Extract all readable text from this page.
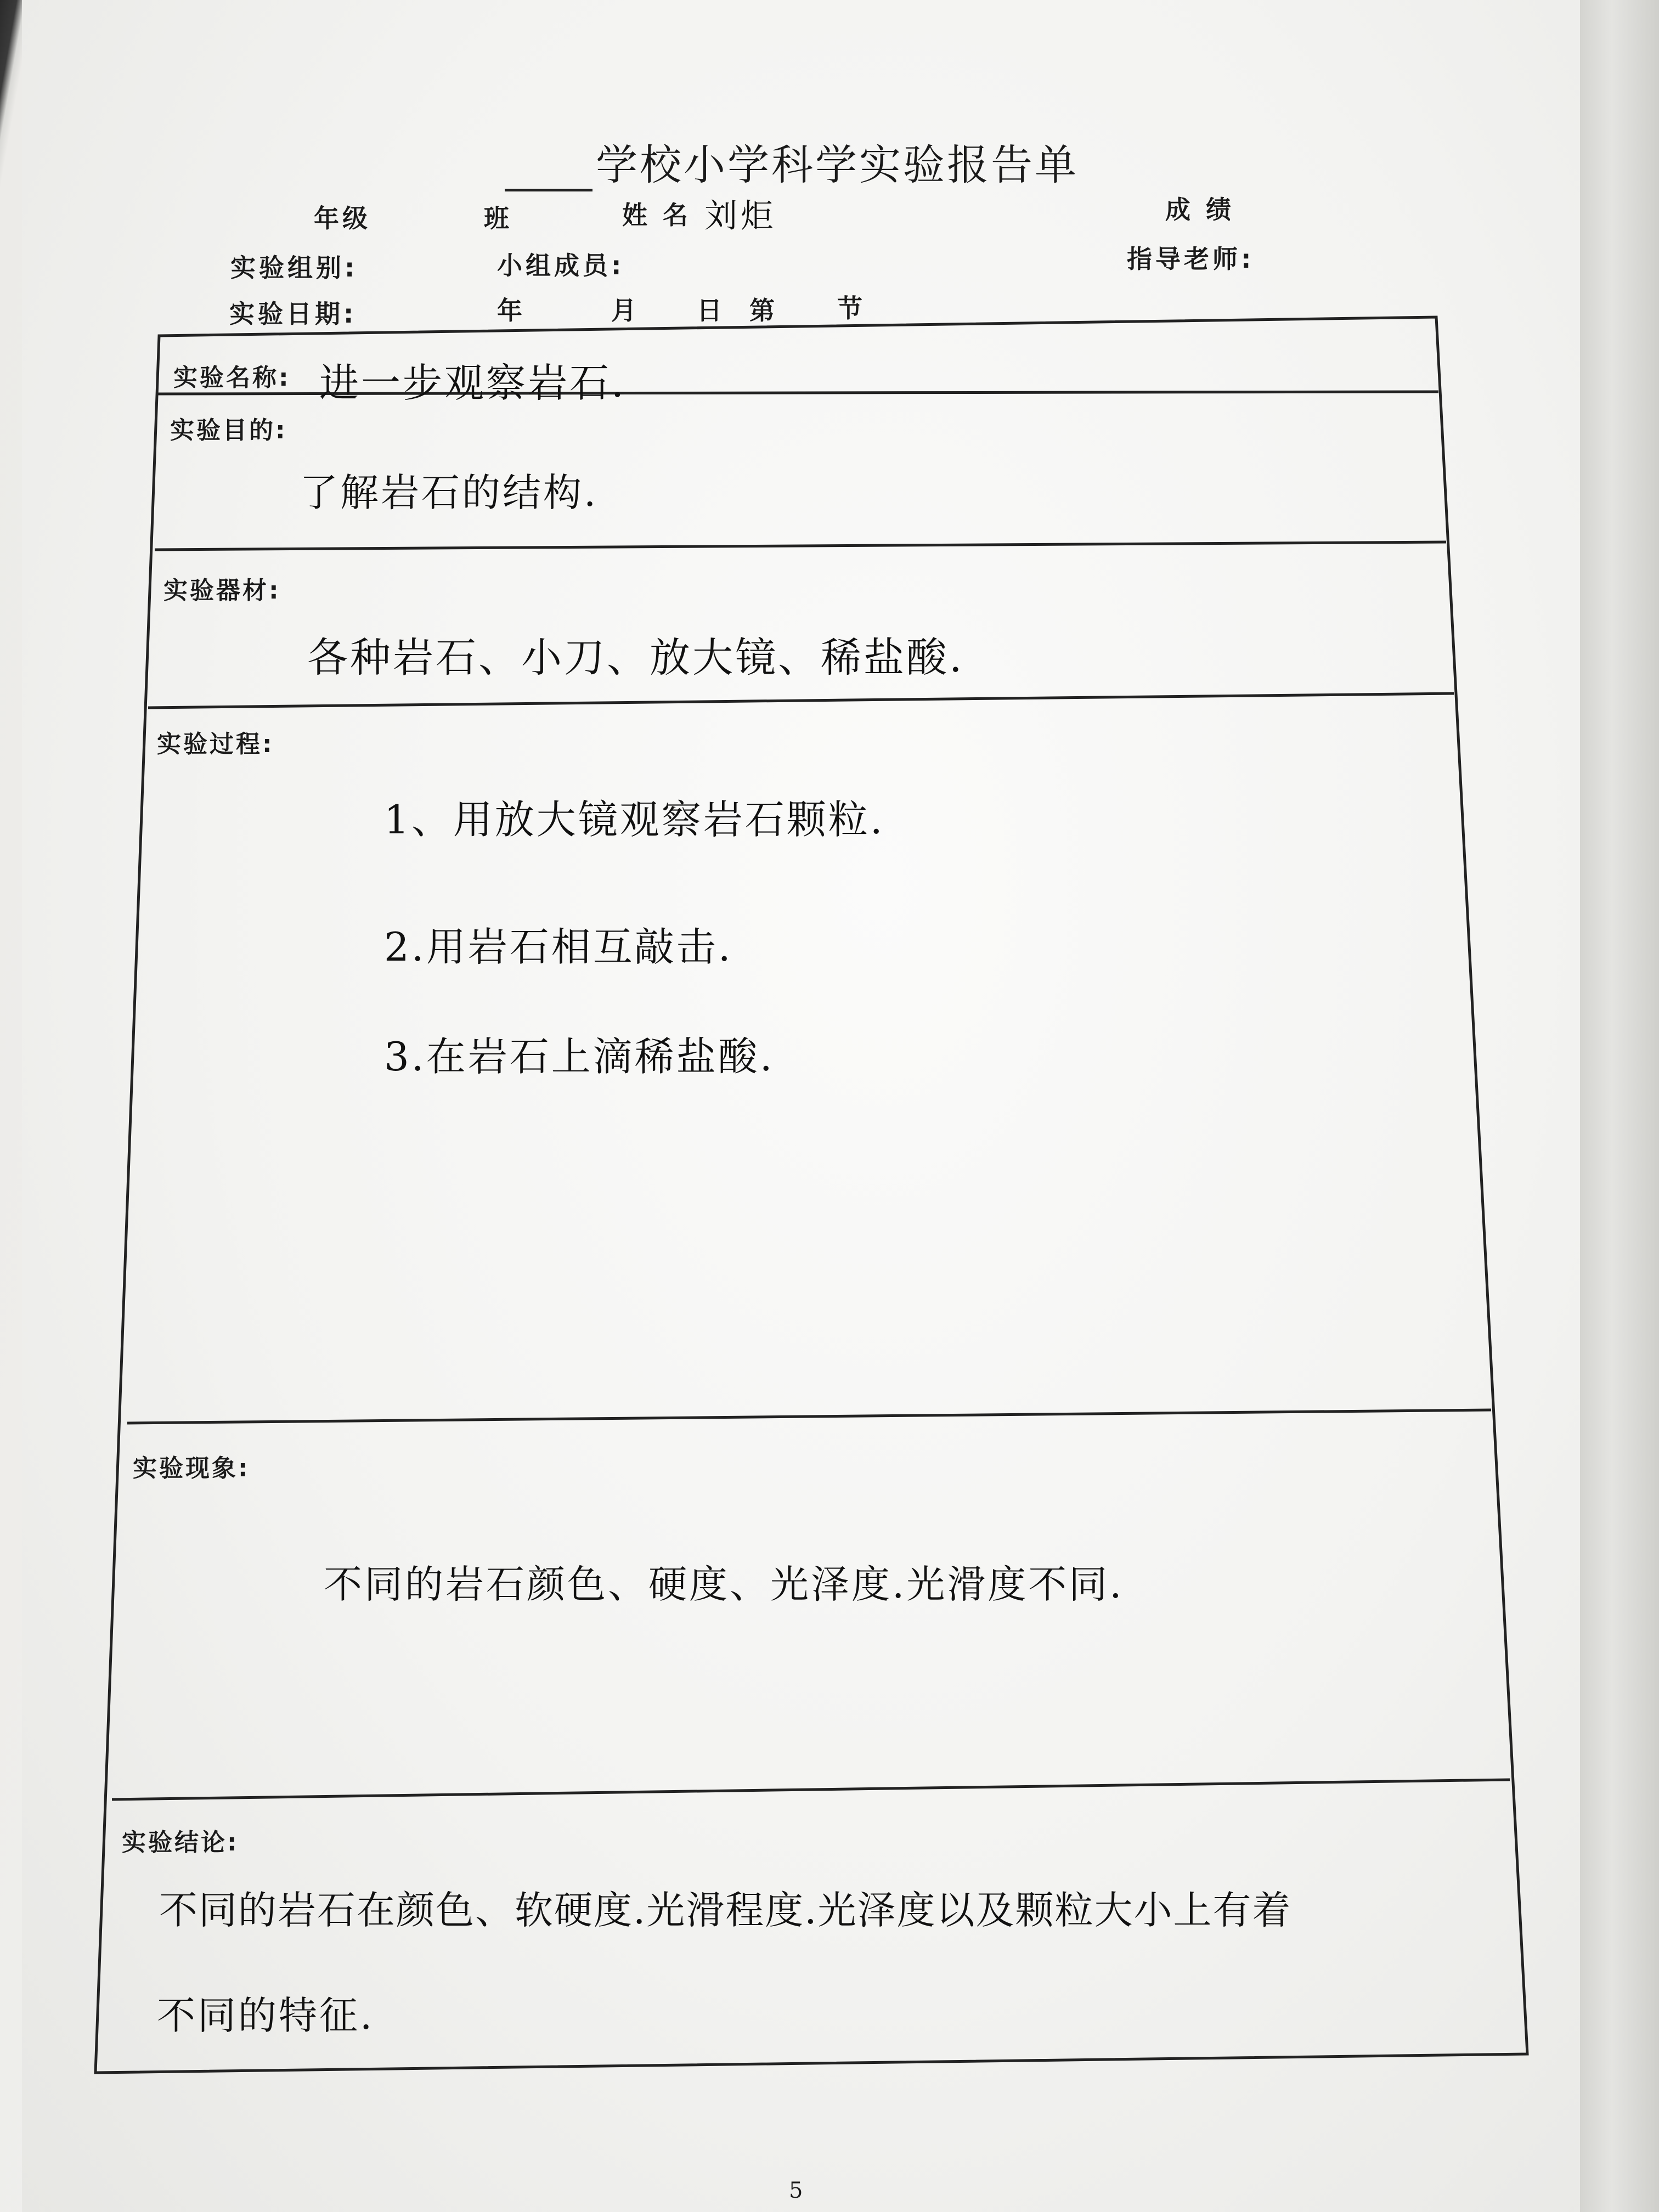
学校小学科学实验报告单
年级	班	姓 名 刘炬	成 绩
实验组别:	小组成员:	指导老师:
实验日期:	年	月 日 第 节
实验名称: 进一步观察岩石.
实验目的:
了解岩石的结构.
实验器材:
各种岩石、小刀、放大镜、稀盐酸.
实验过程:
1、用放大镜观察岩石颗粒.
2.用岩石相互敲击.
3.在岩石上滴稀盐酸.
实验现象:
不同的岩石颜色、硬度、光泽度.光滑度不同.
实验结论:
不同的岩石在颜色、软硬度.光滑程度.光泽度以及颗粒大小上有着
不同的特征.
5
